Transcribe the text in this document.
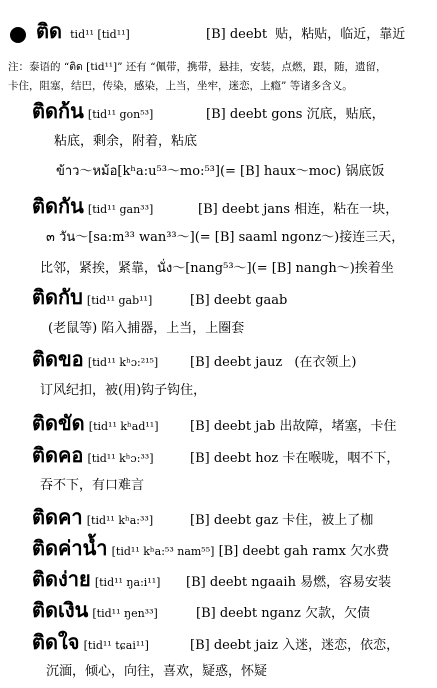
ติด tid¹¹ [tid¹¹]	[B] deebt 贴，粘贴，临近，靠近
注：泰语的 “ติด [tid¹¹]” 还有 “佩带，携带，悬挂，安装，点燃，跟，随，遗留，
卡住，阻塞，结巴，传染，感染，上当，坐牢，迷恋，上瘾” 等诸多含义。
ติดก้น [tid¹¹ gon⁵³]	[B] deebt gons 沉底，贴底，
粘底，剩余，附着，粘底
ข้าว～หม้อ[kʰa:u⁵³～mo:⁵³](= [B] haux～moc) 锅底饭
ติดกัน [tid¹¹ gan³³]	[B] deebt jans 相连，粘在一块，
๓ วัน～[sa:m³³ wan³³～](= [B] saaml ngonz～)接连三天，
比邻，紧挨，紧靠，นั่ง～[nang⁵³～](= [B] nangh～)挨着坐
ติดกับ [tid¹¹ gab¹¹]	[B] deebt gaab
(老鼠等) 陷入捕器，上当，上圈套
ติดขอ [tid¹¹ kʰɔ:²¹⁵] [B] deebt jauz (在衣领上)
订风纪扣，被(用)钩子钩住，
ติดขัด [tid¹¹ kʰad¹¹] [B] deebt jab 出故障，堵塞，卡住
ติดคอ [tid¹¹ kʰɔ:³³]	[B] deebt hoz 卡在喉咙，咽不下，
吞不下，有口难言
ติดคา [tid¹¹ kʰa:³³]	[B] deebt gaz 卡住，被上了枷
ติดค่าน้ำ [tid¹¹ kʰa:⁵³ nam⁵⁵] [B] deebt gah ramx 欠水费
ติดง่าย [tid¹¹ ŋa:i¹¹] [B] deebt ngaaih 易燃，容易安装
ติดเงิน [tid¹¹ ŋen³³]	[B] deebt nganz 欠款，欠债
ติดใจ [tid¹¹ tɕai¹¹]	[B] deebt jaiz 入迷，迷恋，依恋，
沉湎，倾心，向往，喜欢，疑惑，怀疑
